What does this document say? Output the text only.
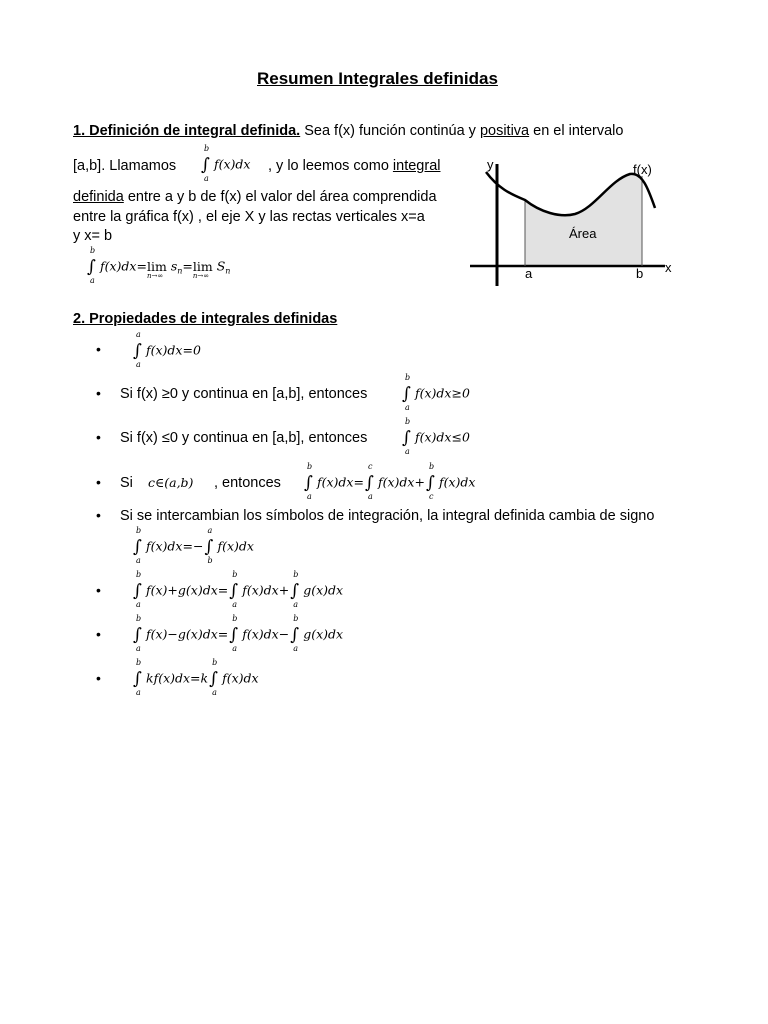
Resumen Integrales definidas
1. Definición de integral definida. Sea f(x) función continúa y positiva en el intervalo
[a,b]. Llamamos
b
∫
a
f(x)dx , y lo leemos como integral
definida entre a y b de f(x) el valor del área comprendida
entre la gráfica f(x) , el eje X y las rectas verticales x=a
y x= b
b
∫
a
f(x)dx=lim
n→∞
$s_n=\lim$
n→∞
$S_n$
y	f(x)
Área
a	b x
2. Propiedades de integrales definidas
•
a
∫
a
f(x)dx=0
• Si f(x) ≥0 y continua en [a,b], entonces
b
∫
a
f(x)dx≥0
• Si f(x) ≤0 y continua en [a,b], entonces
b
∫
a
f(x)dx≤0
• Si c∈(a,b) , entonces
b
∫
a
f(x)dx=
c
∫
a
f(x)dx+
b
∫
c
f(x)dx
• Si se intercambian los símbolos de integración, la integral definida cambia de signo
b
∫
a
f(x)dx=−
a
∫
b
f(x)dx
•
b
∫
a
f(x)+g(x)dx=
b
∫
a
f(x)dx+
b
∫
a
g(x)dx
•
b
∫
a
f(x)−g(x)dx=
b
∫
a
f(x)dx−
b
∫
a
g(x)dx
•
b
∫
a
kf(x)dx=k
b
∫
a
f(x)dx
